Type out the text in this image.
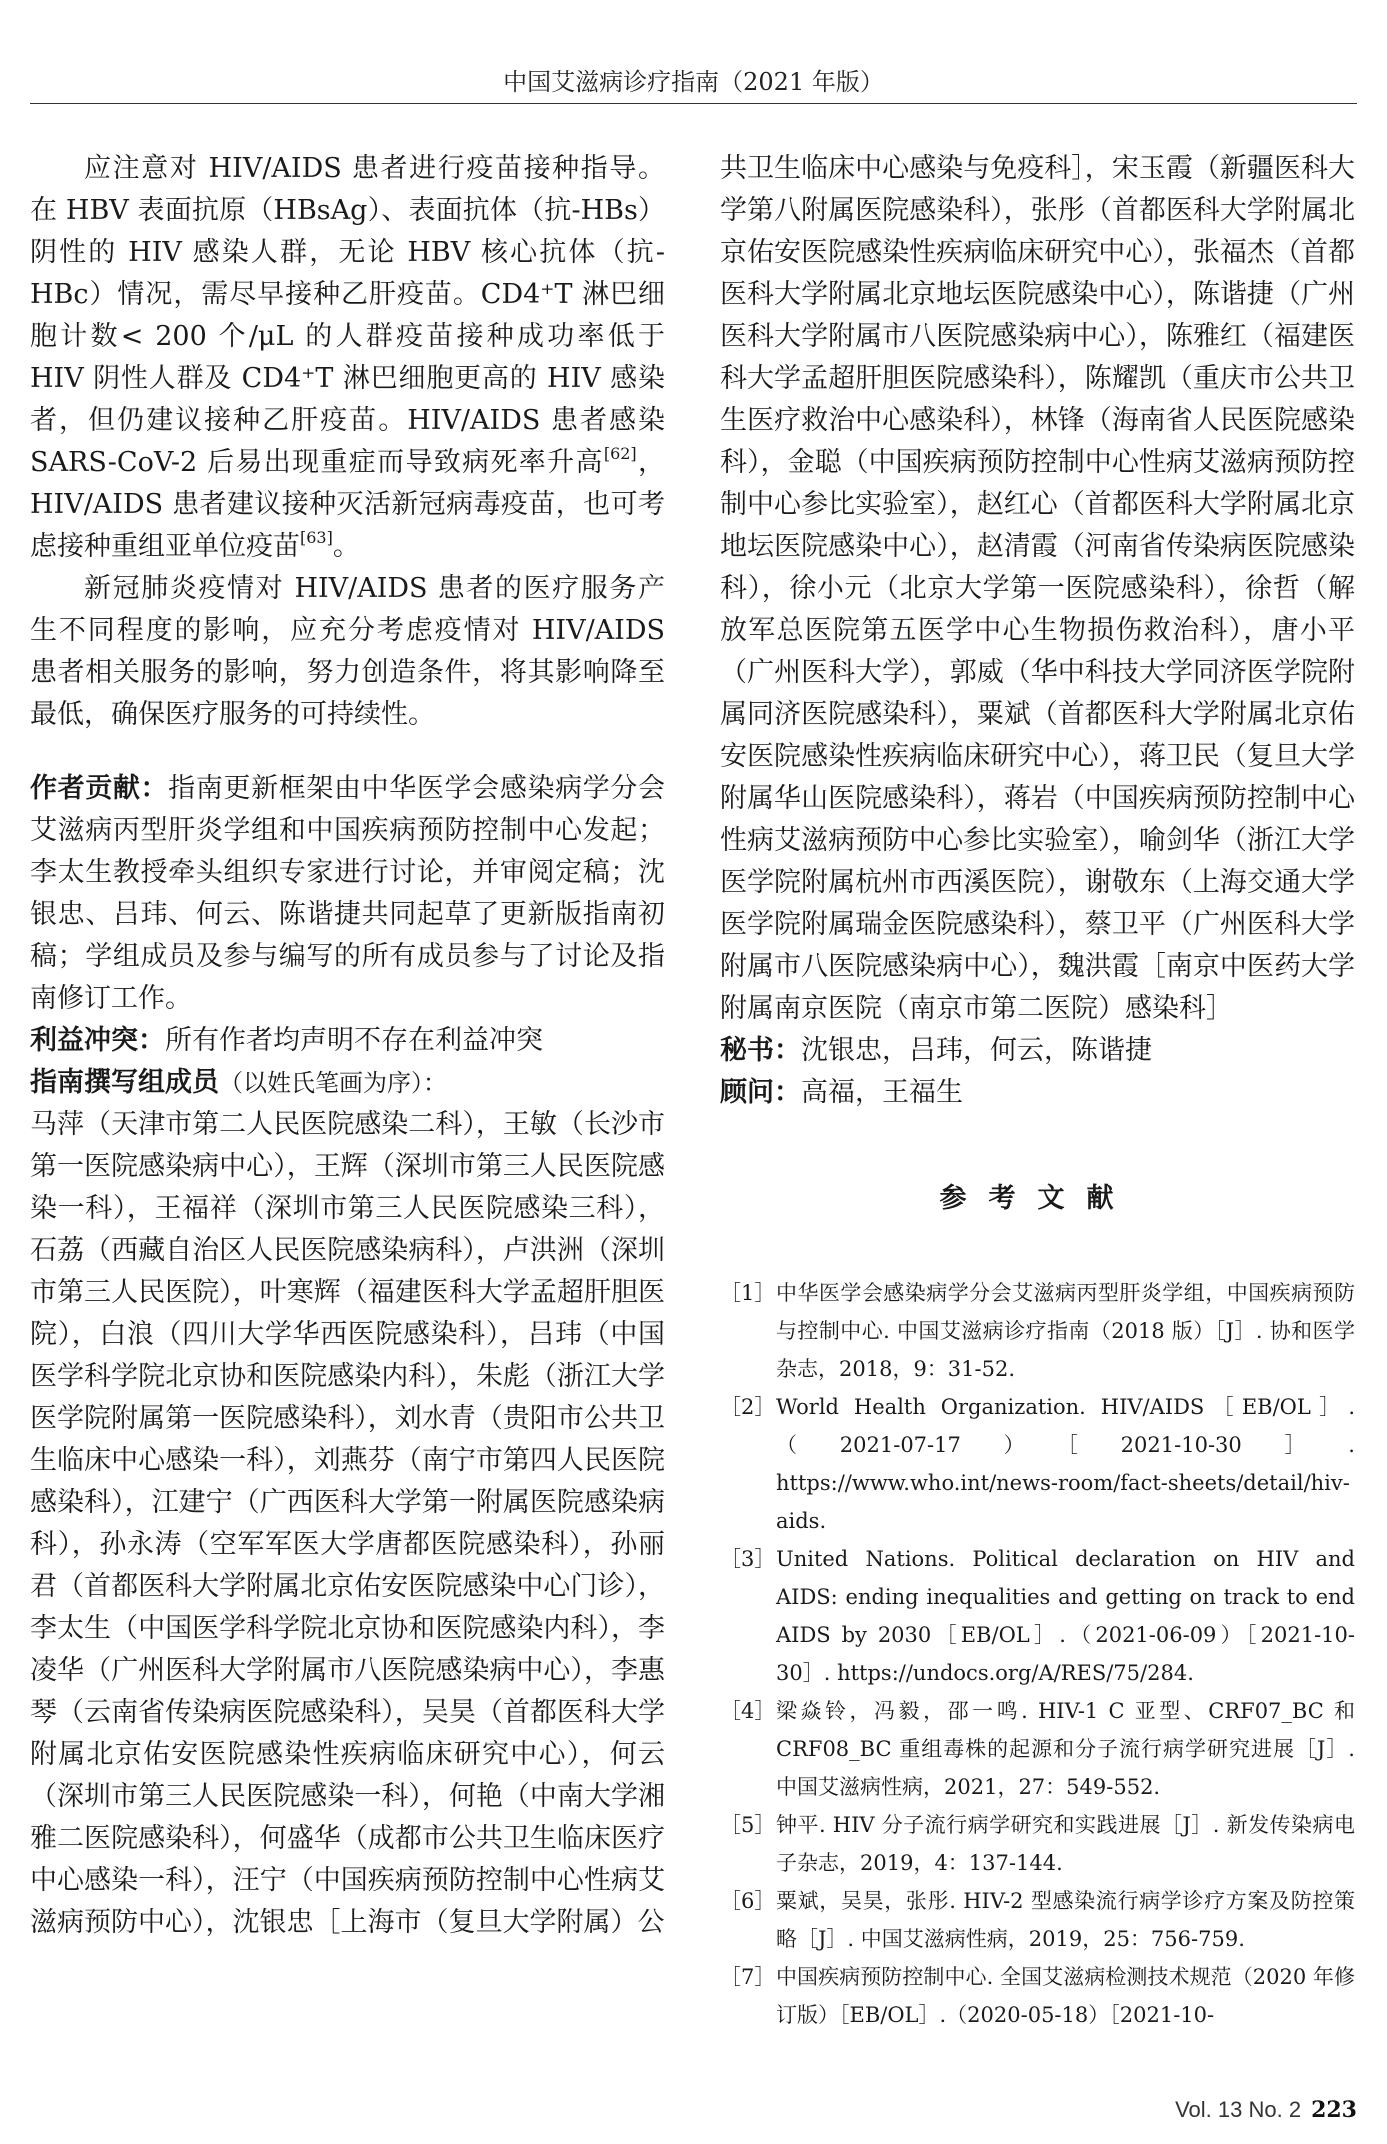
中国艾滋病诊疗指南（2021 年版）

应注意对 HIV/AIDS 患者进行疫苗接种指导。在 HBV 表面抗原（HBsAg）、表面抗体（抗-HBs）阴性的 HIV 感染人群，无论 HBV 核心抗体（抗-HBc）情况，需尽早接种乙肝疫苗。CD4⁺T 淋巴细胞计数< 200 个/μL 的人群疫苗接种成功率低于 HIV 阴性人群及 CD4⁺T 淋巴细胞更高的 HIV 感染者，但仍建议接种乙肝疫苗。HIV/AIDS 患者感染 SARS-CoV-2 后易出现重症而导致病死率升高[62]，HIV/AIDS 患者建议接种灭活新冠病毒疫苗，也可考虑接种重组亚单位疫苗[63]。

新冠肺炎疫情对 HIV/AIDS 患者的医疗服务产生不同程度的影响，应充分考虑疫情对 HIV/AIDS 患者相关服务的影响，努力创造条件，将其影响降至最低，确保医疗服务的可持续性。

作者贡献：指南更新框架由中华医学会感染病学分会艾滋病丙型肝炎学组和中国疾病预防控制中心发起；李太生教授牵头组织专家进行讨论，并审阅定稿；沈银忠、吕玮、何云、陈谐捷共同起草了更新版指南初稿；学组成员及参与编写的所有成员参与了讨论及指南修订工作。

利益冲突：所有作者均声明不存在利益冲突

指南撰写组成员（以姓氏笔画为序）：

马萍（天津市第二人民医院感染二科），王敏（长沙市第一医院感染病中心），王辉（深圳市第三人民医院感染一科），王福祥（深圳市第三人民医院感染三科），石荔（西藏自治区人民医院感染病科），卢洪洲（深圳市第三人民医院），叶寒辉（福建医科大学孟超肝胆医院），白浪（四川大学华西医院感染科），吕玮（中国医学科学院北京协和医院感染内科），朱彪（浙江大学医学院附属第一医院感染科），刘水青（贵阳市公共卫生临床中心感染一科），刘燕芬（南宁市第四人民医院感染科），江建宁（广西医科大学第一附属医院感染病科），孙永涛（空军军医大学唐都医院感染科），孙丽君（首都医科大学附属北京佑安医院感染中心门诊），李太生（中国医学科学院北京协和医院感染内科），李凌华（广州医科大学附属市八医院感染病中心），李惠琴（云南省传染病医院感染科），吴昊（首都医科大学附属北京佑安医院感染性疾病临床研究中心），何云（深圳市第三人民医院感染一科），何艳（中南大学湘雅二医院感染科），何盛华（成都市公共卫生临床医疗中心感染一科），汪宁（中国疾病预防控制中心性病艾滋病预防中心），沈银忠［上海市（复旦大学附属）公

共卫生临床中心感染与免疫科］，宋玉霞（新疆医科大学第八附属医院感染科），张彤（首都医科大学附属北京佑安医院感染性疾病临床研究中心），张福杰（首都医科大学附属北京地坛医院感染中心），陈谐捷（广州医科大学附属市八医院感染病中心），陈雅红（福建医科大学孟超肝胆医院感染科），陈耀凯（重庆市公共卫生医疗救治中心感染科），林锋（海南省人民医院感染科），金聪（中国疾病预防控制中心性病艾滋病预防控制中心参比实验室），赵红心（首都医科大学附属北京地坛医院感染中心），赵清霞（河南省传染病医院感染科），徐小元（北京大学第一医院感染科），徐哲（解放军总医院第五医学中心生物损伤救治科），唐小平（广州医科大学），郭威（华中科技大学同济医学院附属同济医院感染科），粟斌（首都医科大学附属北京佑安医院感染性疾病临床研究中心），蒋卫民（复旦大学附属华山医院感染科），蒋岩（中国疾病预防控制中心性病艾滋病预防中心参比实验室），喻剑华（浙江大学医学院附属杭州市西溪医院），谢敬东（上海交通大学医学院附属瑞金医院感染科），蔡卫平（广州医科大学附属市八医院感染病中心），魏洪霞［南京中医药大学附属南京医院（南京市第二医院）感染科］

秘书：沈银忠，吕玮，何云，陈谐捷

顾问：高福，王福生

参考文献
［1］ 中华医学会感染病学分会艾滋病丙型肝炎学组，中国疾病预防与控制中心. 中国艾滋病诊疗指南（2018 版）［J］. 协和医学杂志，2018，9：31-52.
［2］ World Health Organization. HIV/AIDS［EB/OL］.（2021-07-17）［2021-10-30］. https://www.who.int/news-room/fact-sheets/detail/hiv-aids.
［3］ United Nations. Political declaration on HIV and AIDS: ending inequalities and getting on track to end AIDS by 2030［EB/OL］.（2021-06-09）［2021-10-30］. https://undocs.org/A/RES/75/284.
［4］ 梁焱铃，冯毅，邵一鸣. HIV-1 C 亚型、CRF07_BC 和 CRF08_BC 重组毒株的起源和分子流行病学研究进展［J］. 中国艾滋病性病，2021，27：549-552.
［5］ 钟平. HIV 分子流行病学研究和实践进展［J］. 新发传染病电子杂志，2019，4：137-144.
［6］ 粟斌，吴昊，张彤. HIV-2 型感染流行病学诊疗方案及防控策略［J］. 中国艾滋病性病，2019，25：756-759.
［7］ 中国疾病预防控制中心. 全国艾滋病检测技术规范（2020 年修订版）［EB/OL］.（2020-05-18）［2021-10-
Vol. 13 No. 2 223
